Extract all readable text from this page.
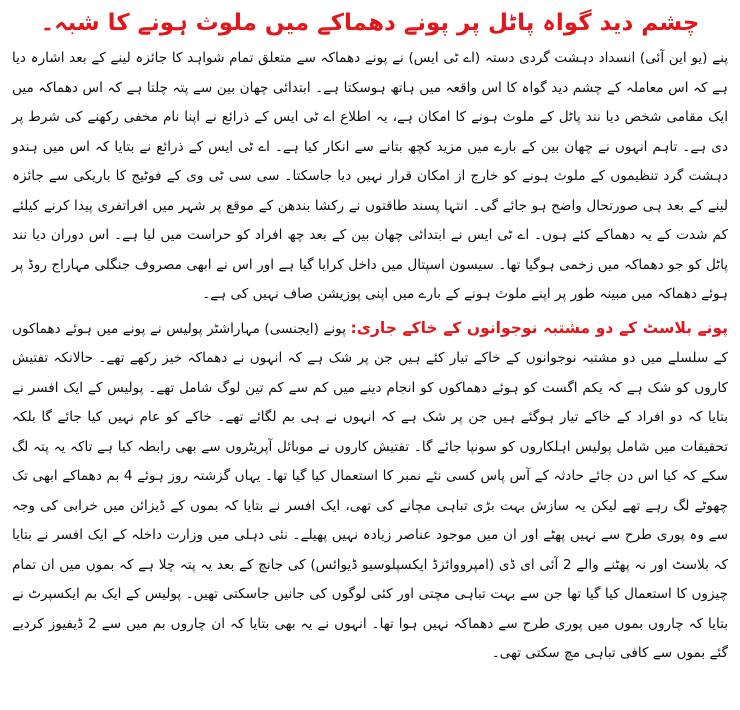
چشم دید گواہ پاٹل پر پونے دھماکے میں ملوث ہونے کا شبہ۔

پنے (یو این آئی) انسداد دہشت گردی دستہ (اے ٹی ایس) نے پونے دھماکہ سے متعلق تمام شواہد کا جائزہ لینے کے بعد اشارہ دیا ہے کہ اس معاملہ کے چشم دید گواہ کا اس واقعہ میں ہاتھ ہوسکتا ہے۔ ابتدائی چھان بین سے پتہ چلتا ہے کہ اس دھماکہ میں ایک مقامی شخص دیا نند پاٹل کے ملوث ہونے کا امکان ہے، یہ اطلاع اے ٹی ایس کے ذرائع نے اپنا نام مخفی رکھنے کی شرط پر دی ہے۔ تاہم انہوں نے چھان بین کے بارے میں مزید کچھ بتانے سے انکار کیا ہے۔ اے ٹی ایس کے ذرائع نے بتایا کہ اس میں ہندو دہشت گرد تنظیموں کے ملوث ہونے کو خارج از امکان قرار نہیں دیا جاسکتا۔ سی سی ٹی وی کے فوٹیج کا باریکی سے جائزہ لینے کے بعد ہی صورتحال واضح ہو جائے گی۔ انتہا پسند طاقتوں نے رکشا بندھن کے موقع پر شہر میں افراتفری پیدا کرنے کیلئے کم شدت کے یہ دھماکے کئے ہوں۔ اے ٹی ایس نے ابتدائی چھان بین کے بعد چھ افراد کو حراست میں لیا ہے۔ اس دوران دیا نند پاٹل کو جو دھماکہ میں زخمی ہوگیا تھا۔ سیسون اسپتال میں داخل کرایا گیا ہے اور اس نے ابھی مصروف جنگلی مہاراج روڈ پر ہوئے دھماکہ میں مبینہ طور پر اپنے ملوث ہونے کے بارے میں اپنی پوزیشن صاف نہیں کی ہے۔

پونے بلاسٹ کے دو مشتبہ نوجوانوں کے خاکے جاری: پونے (ایجنسی) مہاراشٹر پولیس نے پونے میں ہوئے دھماکوں کے سلسلے میں دو مشتبہ نوجوانوں کے خاکے تیار کئے ہیں جن پر شک ہے کہ انہوں نے دھماکہ خیز رکھے تھے۔ حالانکہ تفتیش کاروں کو شک ہے کہ یکم اگست کو ہوئے دھماکوں کو انجام دینے میں کم سے کم تین لوگ شامل تھے۔ پولیس کے ایک افسر نے بتایا کہ دو افراد کے خاکے تیار ہوگئے ہیں جن پر شک ہے کہ انہوں نے ہی بم لگائے تھے۔ خاکے کو عام نہیں کیا جائے گا بلکہ تحقیقات میں شامل پولیس اہلکاروں کو سونپا جائے گا۔ تفتیش کاروں نے موبائل آپریٹروں سے بھی رابطہ کیا ہے تاکہ یہ پتہ لگ سکے کہ کیا اس دن جائے حادثہ کے آس پاس کسی نئے نمبر کا استعمال کیا گیا تھا۔ یہاں گزشتہ روز ہوئے 4 بم دھماکے ابھی تک چھوٹے لگ رہے تھے لیکن یہ سازش بہت بڑی تباہی مچانے کی تھی، ایک افسر نے بتایا کہ بموں کے ڈیزائن میں خرابی کی وجہ سے وہ پوری طرح سے نہیں پھٹے اور ان میں موجود عناصر زیادہ نہیں پھیلے۔ نئی دہلی میں وزارت داخلہ کے ایک افسر نے بتایا کہ بلاسٹ اور نہ پھٹنے والے 2 آئی ای ڈی (امپرووائزڈ ایکسپلوسیو ڈیوائس) کی جانچ کے بعد یہ پتہ چلا ہے کہ بموں میں ان تمام چیزوں کا استعمال کیا گیا تھا جن سے بہت تباہی مچتی اور کئی لوگوں کی جانیں جاسکتی تھیں۔ پولیس کے ایک بم ایکسپرٹ نے بتایا کہ چاروں بموں میں پوری طرح سے دھماکہ نہیں ہوا تھا۔ انہوں نے یہ بھی بتایا کہ ان چاروں بم میں سے 2 ڈیفیوز کردیے گئے بموں سے کافی تباہی مچ سکتی تھی۔
